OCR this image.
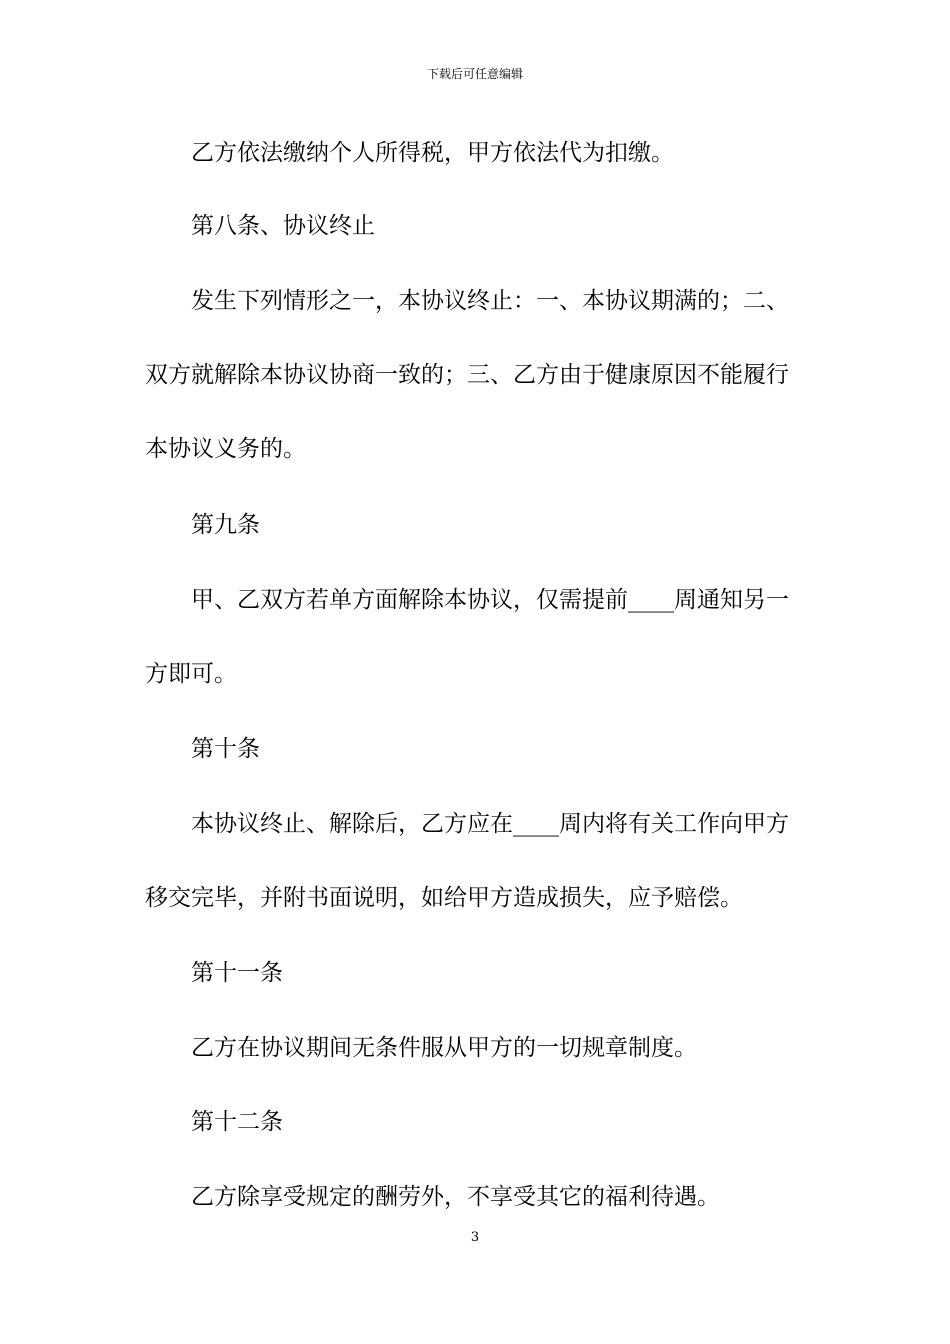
下载后可任意编辑

乙方依法缴纳个人所得税，甲方依法代为扣缴。

第八条、协议终止

发生下列情形之一，本协议终止：一、本协议期满的；二、双方就解除本协议协商一致的；三、乙方由于健康原因不能履行本协议义务的。

第九条

甲、乙双方若单方面解除本协议，仅需提前____周通知另一方即可。

第十条

本协议终止、解除后，乙方应在____周内将有关工作向甲方移交完毕，并附书面说明，如给甲方造成损失，应予赔偿。

第十一条

乙方在协议期间无条件服从甲方的一切规章制度。

第十二条

乙方除享受规定的酬劳外，不享受其它的福利待遇。

3
